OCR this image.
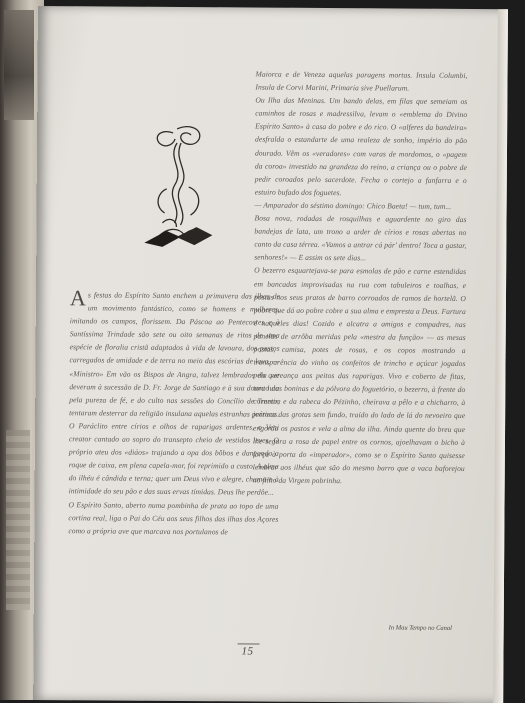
Maiorca e de Veneza aquelas paragens mortas. Insula Columbi, Insula de Corvi Marini, Primaria sive Puellarum.

Ou Ilha das Meninas. Um bando delas, em filas que semeiam os caminhos de rosas e madressilva, levam o «emblema do Divino Espírito Santo» à casa do pobre e do rico. O «alferes da bandeira» desfralda o estandarte de uma realeza de sonho, império do pão dourado. Vêm os «veradores» com varas de mordomos, o «pagem da coroa» investido na grandeza do reino, a criança ou o pobre de pedir coroados pelo sacerdote. Fecha o cortejo a fanfarra e o estuiro bufado dos foguetes.

— Amparador do séstimo domingo: Chico Baeta! — tum, tum...

Bosa nova, rodadas de rosquilhas e aguardente no giro das bandejas de lata, um trono a arder de círios e rosas abertas no canto da casa térrea. «Vamos a antrar cá pár' dentro! Toca a gastar, senhores!» — E assim os sete dias...

O bezerro esquartejava-se para esmolas de pão e carne estendidas em bancadas improvisadas na rua com tabuleiros e toalhas, e postas nos seus pratos de barro corroados de ramos de hortelã. O pobre que dá ao pobre cobre a sua alma e empresta a Deus. Fartura é naqueles dias! Cozido e alcatra a amigos e compadres, nas panelas de arrôba meridas pela «mestra da função» — as mesas postas, camisa, potes de rosas, e os copos mostrando a transparência do vinho os confeitos de trincho e açúcar jogados pela vereança aos peitos das raparigas. Vivo e coberto de fitas, tonto das boninas e da pólvora do foguetório, o bezerro, à frente do cornetim e da rabeca do Pézinho, cheirava a pêlo e a chicharro, à jarroca das grotas sem fundo, traído do lado de lá do nevoeiro que engorda os pastos e vela a alma da ilha. Ainda quente do breu que lhe segura a rosa de papel entre os cornos, ajoelhavam o bicho à força à porta do «imperador», como se o Espírito Santo quisesse lembrar aos ilhéus que são do mesmo barro que a vaca baforejou no filho da Virgem pobrinha.

A s festas do Espírito Santo enchem a primavera das ilhas de um movimento fantástico, como se homens e mulheres, imitando os campos, florissem. Da Páscoa ao Pentecostes e à Santíssima Trindade são sete ou oito semanas de ritos de uma espécie de floralia cristã adaptados à vida de lavoura, dos pastos carregados de umidade e de terra no meio das escórias de lava. — «Ministro» Em vão os Bispos de Angra, talvez lembrados do que deveram à sucessão de D. Fr. Jorge de Santiago e à sua doura luta pela pureza de fé, e do culto nas sessões do Concílio de Trento, tentaram desterrar da religião insulana aquelas estranhas práticas. O Paráclito entre círios e olhos de raparigas ardentes, o Veni creator cantado ao sopro do transepto cheio de vestidos leves. O próprio ateu dos «diáos» trajando a opa dos bôbos e dançando a roque de caixa, em plena capela-mor, foi reprimido a custo. A alma do ilhéu é cândida e terna; quer um Deus vivo e alegre, chama-o à intimidade do seu pão e das suas ervas tímidas. Deus lhe perdôe...

O Espírito Santo, aberto numa pombinha de prata ao topo de uma cortina real, liga o Pai do Céu aos seus filhos das ilhas dos Açores como a própria ave que marcava nos portulanos de

In Mau Tempo no Canal
15
